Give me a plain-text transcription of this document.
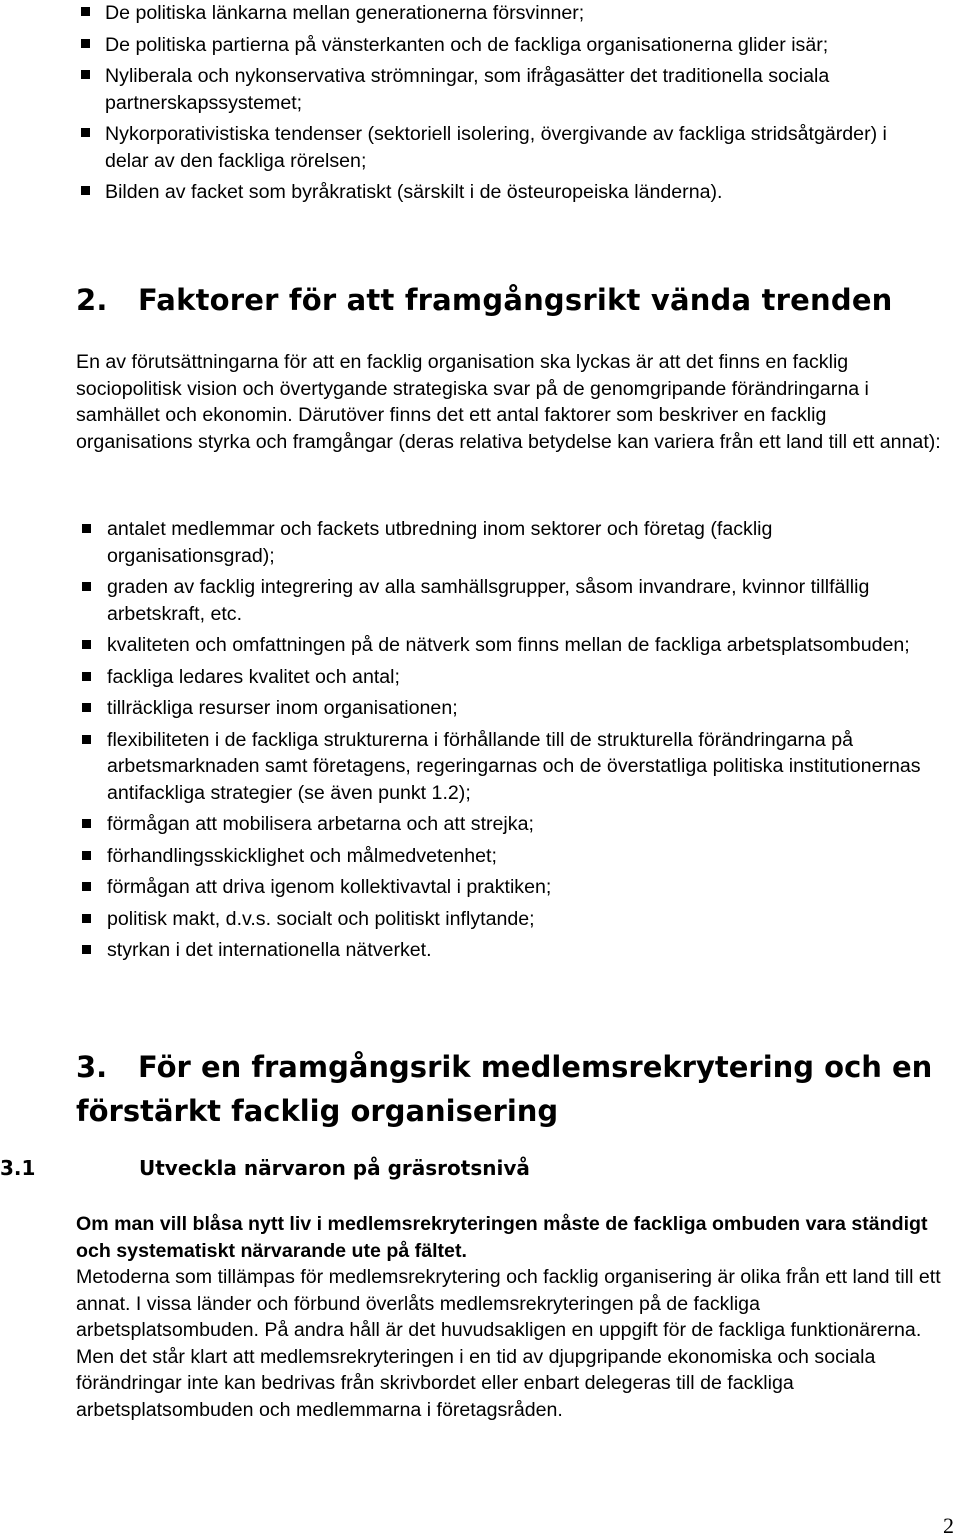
De politiska länkarna mellan generationerna försvinner;
De politiska partierna på vänsterkanten och de fackliga organisationerna glider isär;
Nyliberala och nykonservativa strömningar, som ifrågasätter det traditionella sociala partnerskapssystemet;
Nykorporativistiska tendenser (sektoriell isolering, övergivande av fackliga stridsåtgärder) i delar av den fackliga rörelsen;
Bilden av facket som byråkratiskt (särskilt i de östeuropeiska länderna).
2. Faktorer för att framgångsrikt vända trenden
En av förutsättningarna för att en facklig organisation ska lyckas är att det finns en facklig sociopolitisk vision och övertygande strategiska svar på de genomgripande förändringarna i samhället och ekonomin. Därutöver finns det ett antal faktorer som beskriver en facklig organisations styrka och framgångar (deras relativa betydelse kan variera från ett land till ett annat):
antalet medlemmar och fackets utbredning inom sektorer och företag (facklig organisationsgrad);
graden av facklig integrering av alla samhällsgrupper, såsom invandrare, kvinnor tillfällig arbetskraft, etc.
kvaliteten och omfattningen på de nätverk som finns mellan de fackliga arbetsplatsombuden;
fackliga ledares kvalitet och antal;
tillräckliga resurser inom organisationen;
flexibiliteten i de fackliga strukturerna i förhållande till de strukturella förändringarna på arbetsmarknaden samt företagens, regeringarnas och de överstatliga politiska institutionernas antifackliga strategier (se även punkt 1.2);
förmågan att mobilisera arbetarna och att strejka;
förhandlingsskicklighet och målmedvetenhet;
förmågan att driva igenom kollektivavtal i praktiken;
politisk makt, d.v.s. socialt och politiskt inflytande;
styrkan i det internationella nätverket.
3. För en framgångsrik medlemsrekrytering och en
förstärkt facklig organisering
3.1	Utveckla närvaron på gräsrotsnivå
Om man vill blåsa nytt liv i medlemsrekryteringen måste de fackliga ombuden vara ständigt och systematiskt närvarande ute på fältet.
Metoderna som tillämpas för medlemsrekrytering och facklig organisering är olika från ett land till ett annat. I vissa länder och förbund överlåts medlemsrekryteringen på de fackliga arbetsplatsombuden. På andra håll är det huvudsakligen en uppgift för de fackliga funktionärerna. Men det står klart att medlemsrekryteringen i en tid av djupgripande ekonomiska och sociala förändringar inte kan bedrivas från skrivbordet eller enbart delegeras till de fackliga arbetsplatsombuden och medlemmarna i företagsråden.
2
